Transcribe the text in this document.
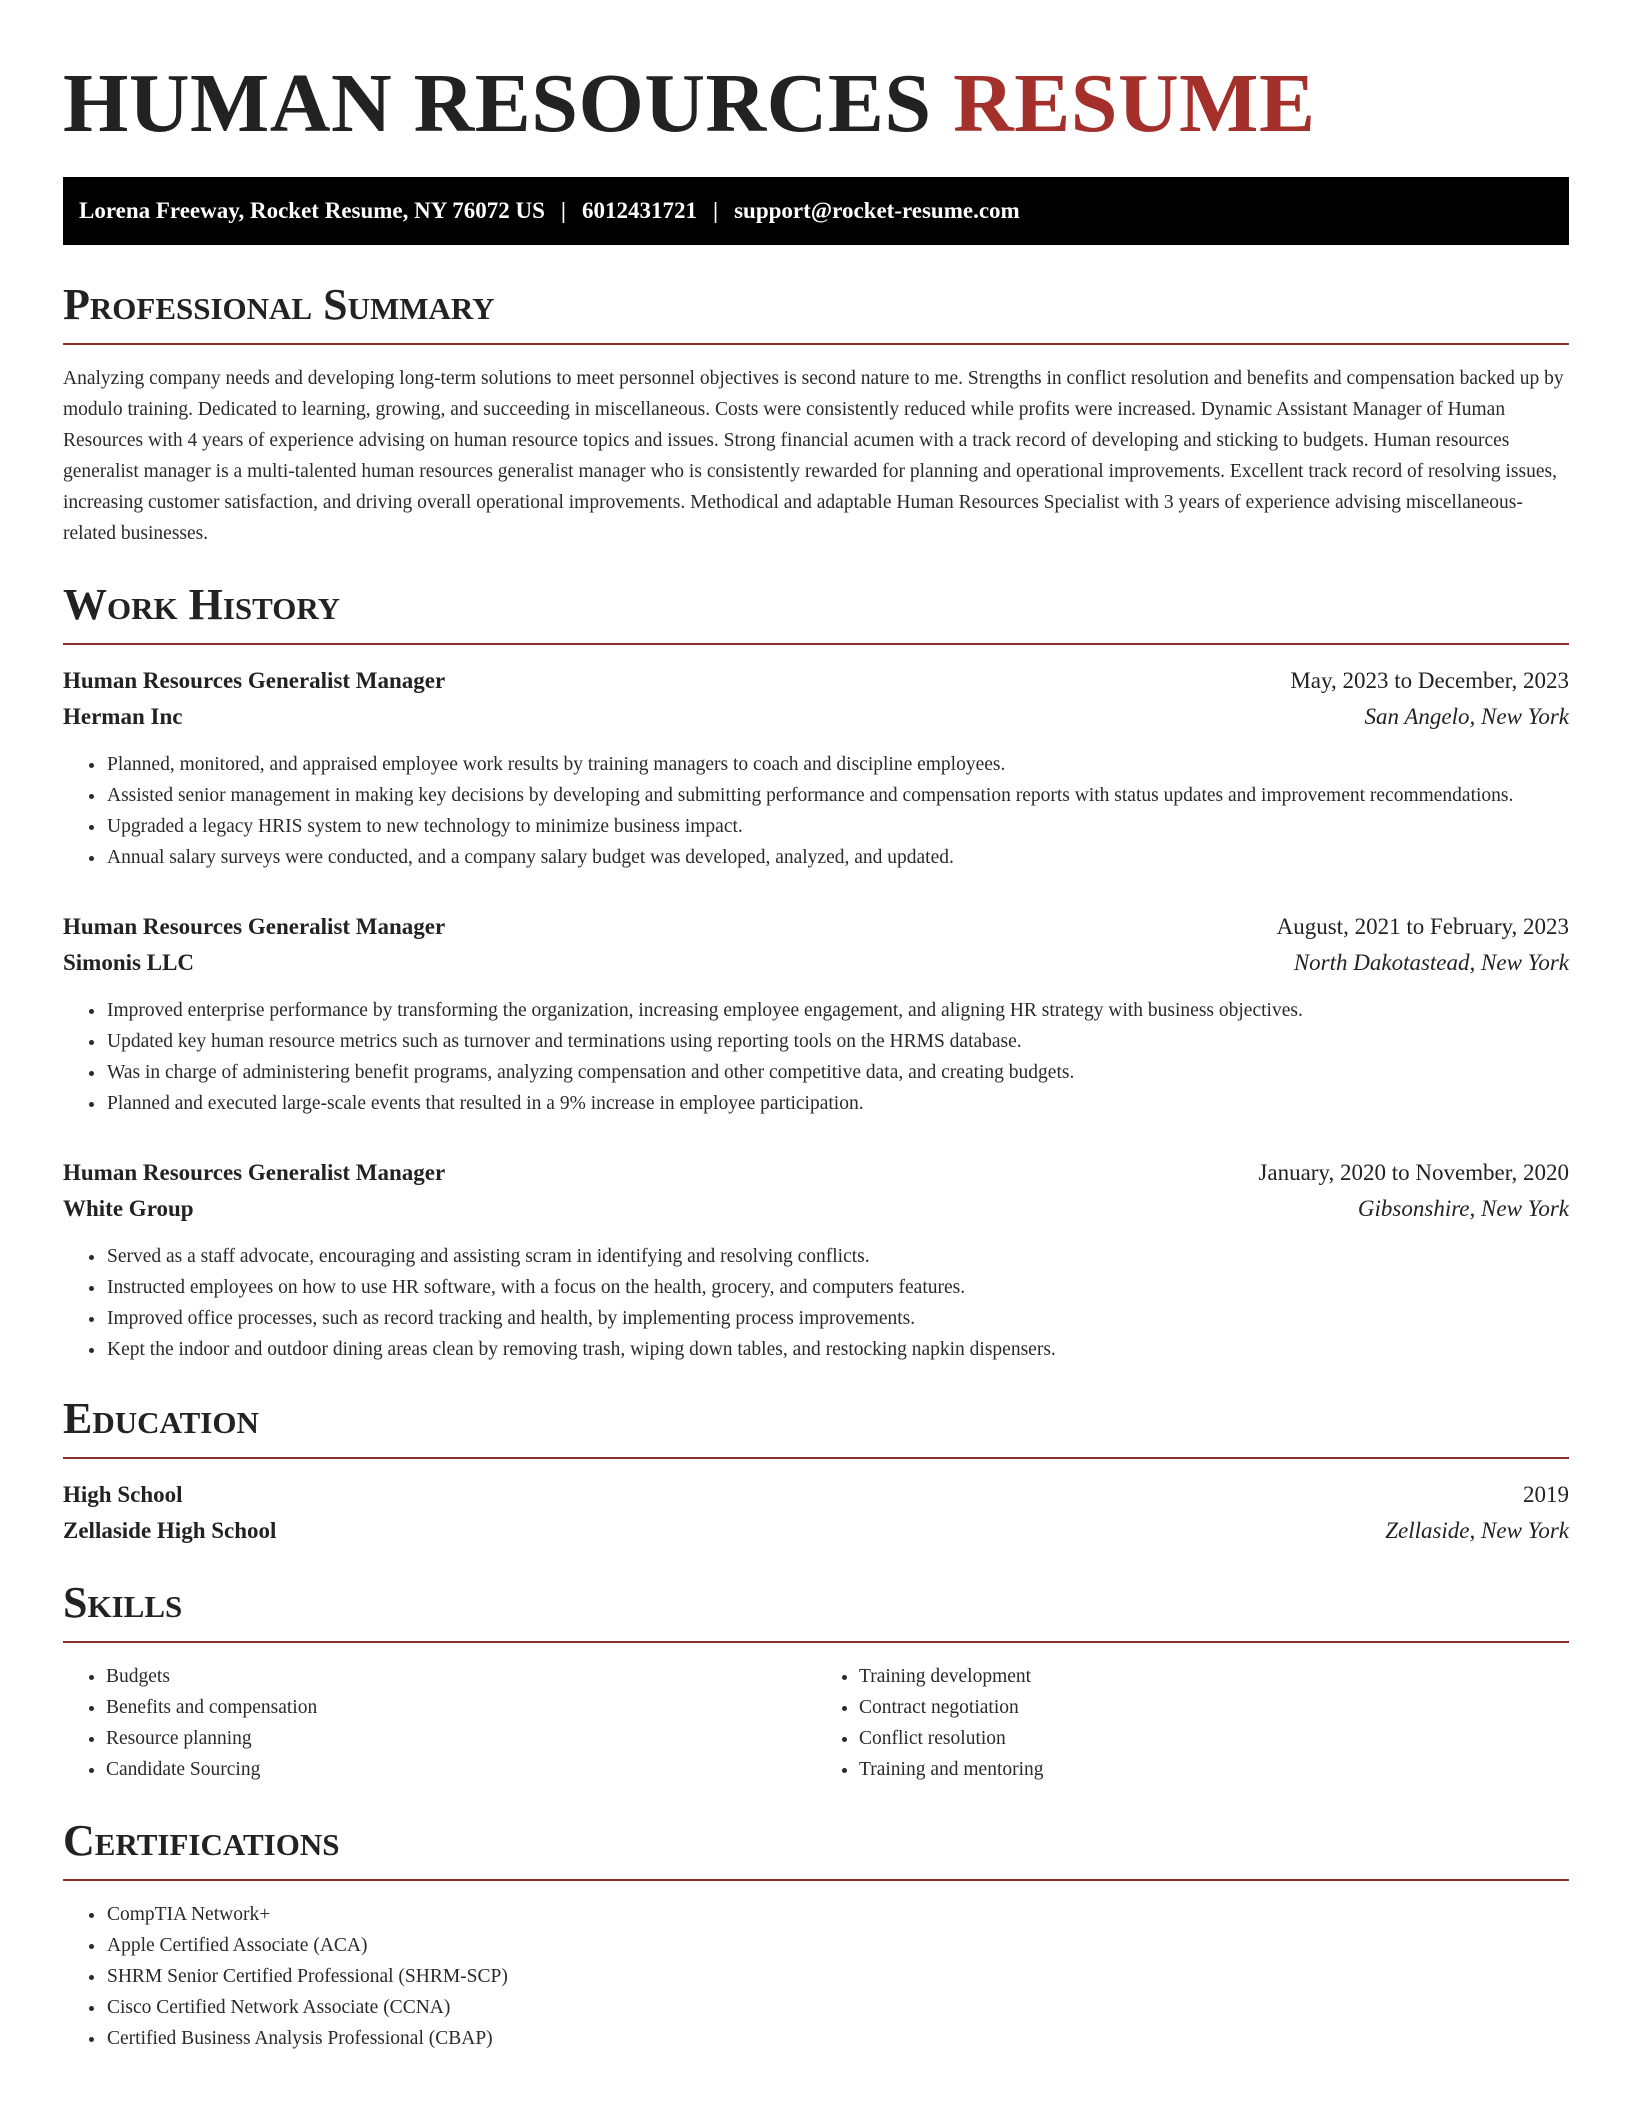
HUMAN RESOURCES RESUME
Lorena Freeway, Rocket Resume, NY 76072 US | 6012431721 | support@rocket-resume.com
Professional Summary

Analyzing company needs and developing long-term solutions to meet personnel objectives is second nature to me. Strengths in conflict resolution and benefits and compensation backed up by modulo training. Dedicated to learning, growing, and succeeding in miscellaneous. Costs were consistently reduced while profits were increased. Dynamic Assistant Manager of Human Resources with 4 years of experience advising on human resource topics and issues. Strong financial acumen with a track record of developing and sticking to budgets. Human resources generalist manager is a multi-talented human resources generalist manager who is consistently rewarded for planning and operational improvements. Excellent track record of resolving issues, increasing customer satisfaction, and driving overall operational improvements. Methodical and adaptable Human Resources Specialist with 3 years of experience advising miscellaneous-related businesses.

Work History
Human Resources Generalist Manager	May, 2023 to December, 2023
Herman Inc	San Angelo, New York
• Planned, monitored, and appraised employee work results by training managers to coach and discipline employees.
• Assisted senior management in making key decisions by developing and submitting performance and compensation reports with status updates and improvement recommendations.
• Upgraded a legacy HRIS system to new technology to minimize business impact.
• Annual salary surveys were conducted, and a company salary budget was developed, analyzed, and updated.
Human Resources Generalist Manager	August, 2021 to February, 2023
Simonis LLC	North Dakotastead, New York
• Improved enterprise performance by transforming the organization, increasing employee engagement, and aligning HR strategy with business objectives.
• Updated key human resource metrics such as turnover and terminations using reporting tools on the HRMS database.
• Was in charge of administering benefit programs, analyzing compensation and other competitive data, and creating budgets.
• Planned and executed large-scale events that resulted in a 9% increase in employee participation.
Human Resources Generalist Manager	January, 2020 to November, 2020
White Group	Gibsonshire, New York
• Served as a staff advocate, encouraging and assisting scram in identifying and resolving conflicts.
• Instructed employees on how to use HR software, with a focus on the health, grocery, and computers features.
• Improved office processes, such as record tracking and health, by implementing process improvements.
• Kept the indoor and outdoor dining areas clean by removing trash, wiping down tables, and restocking napkin dispensers.
Education
High School	2019
Zellaside High School	Zellaside, New York
Skills
• Budgets
• Benefits and compensation
• Resource planning
• Candidate Sourcing
• Training development
• Contract negotiation
• Conflict resolution
• Training and mentoring
Certifications
• CompTIA Network+
• Apple Certified Associate (ACA)
• SHRM Senior Certified Professional (SHRM-SCP)
• Cisco Certified Network Associate (CCNA)
• Certified Business Analysis Professional (CBAP)
